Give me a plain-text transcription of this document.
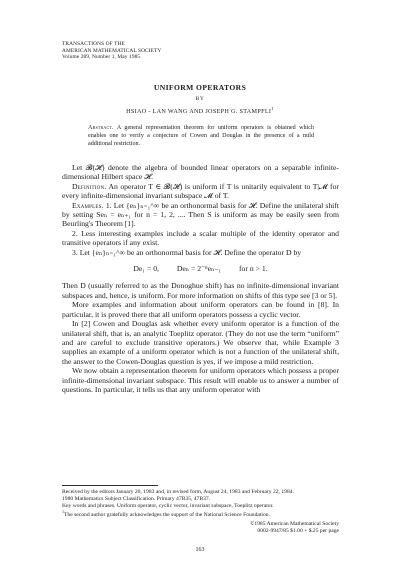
TRANSACTIONS OF THE
AMERICAN MATHEMATICAL SOCIETY
Volume 289, Number 1, May 1985
UNIFORM OPERATORS
BY
HSIAO - LAN WANG AND JOSEPH G. STAMPFLI$^1$
Abstract. A general representation theorem for uniform operators is obtained which enables one to verify a conjecture of Cowen and Douglas in the presence of a mild additional restriction.

Let 𝓑(𝓗) denote the algebra of bounded linear operators on a separable infinite-dimensional Hilbert space 𝓗.

Definition. An operator T ∈ 𝓑(𝓗) is uniform if T is unitarily equivalent to T|𝓜 for every infinite-dimensional invariant subspace 𝓜 of T.

Examples. 1. Let {eₙ}ₙ₌₁^∞ be an orthonormal basis for 𝓗. Define the unilateral shift by setting Seₙ = eₙ₊₁ for n = 1, 2, .... Then S is uniform as may be easily seen from Beurling's Theorem [1].

2. Less interesting examples include a scalar multiple of the identity operator and transitive operators if any exist.

3. Let {eₙ}ₙ₌₁^∞ be an orthonormal basis for 𝓗. Define the operator D by

De₁ = 0, Deₙ = 2⁻ⁿeₙ₋₁ for n > 1.

Then D (usually referred to as the Donoghue shift) has no infinite-dimensional invariant subspaces and, hence, is uniform. For more information on shifts of this type see [3 or 5].

More examples and information about uniform operators can be found in [8]. In particular, it is proved there that all uniform operators possess a cyclic vector.

In [2] Cowen and Douglas ask whether every uniform operator is a function of the unilateral shift, that is, an analytic Toeplitz operator. (They do not use the term “uniform” and are careful to exclude transitive operators.) We observe that, while Example 3 supplies an example of a uniform operator which is not a function of the unilateral shift, the answer to the Cowen-Douglas question is yes, if we impose a mild restriction.

We now obtain a representation theorem for uniform operators which possess a proper infinite-dimensional invariant subspace. This result will enable us to answer a number of questions. In particular, it tells us that any uniform operator with

Received by the editors January 20, 1983 and, in revised form, August 24, 1983 and February 22, 1984.
1980 Mathematics Subject Classification. Primary 47B35, 47B37.
Key words and phrases. Uniform operator, cyclic vector, invariant subspace, Toeplitz operator.
$^1$The second author gratefully acknowledges the support of the National Science Foundation.
©1985 American Mathematical Society
0002-9947/85 $1.00 + $.25 per page
163
